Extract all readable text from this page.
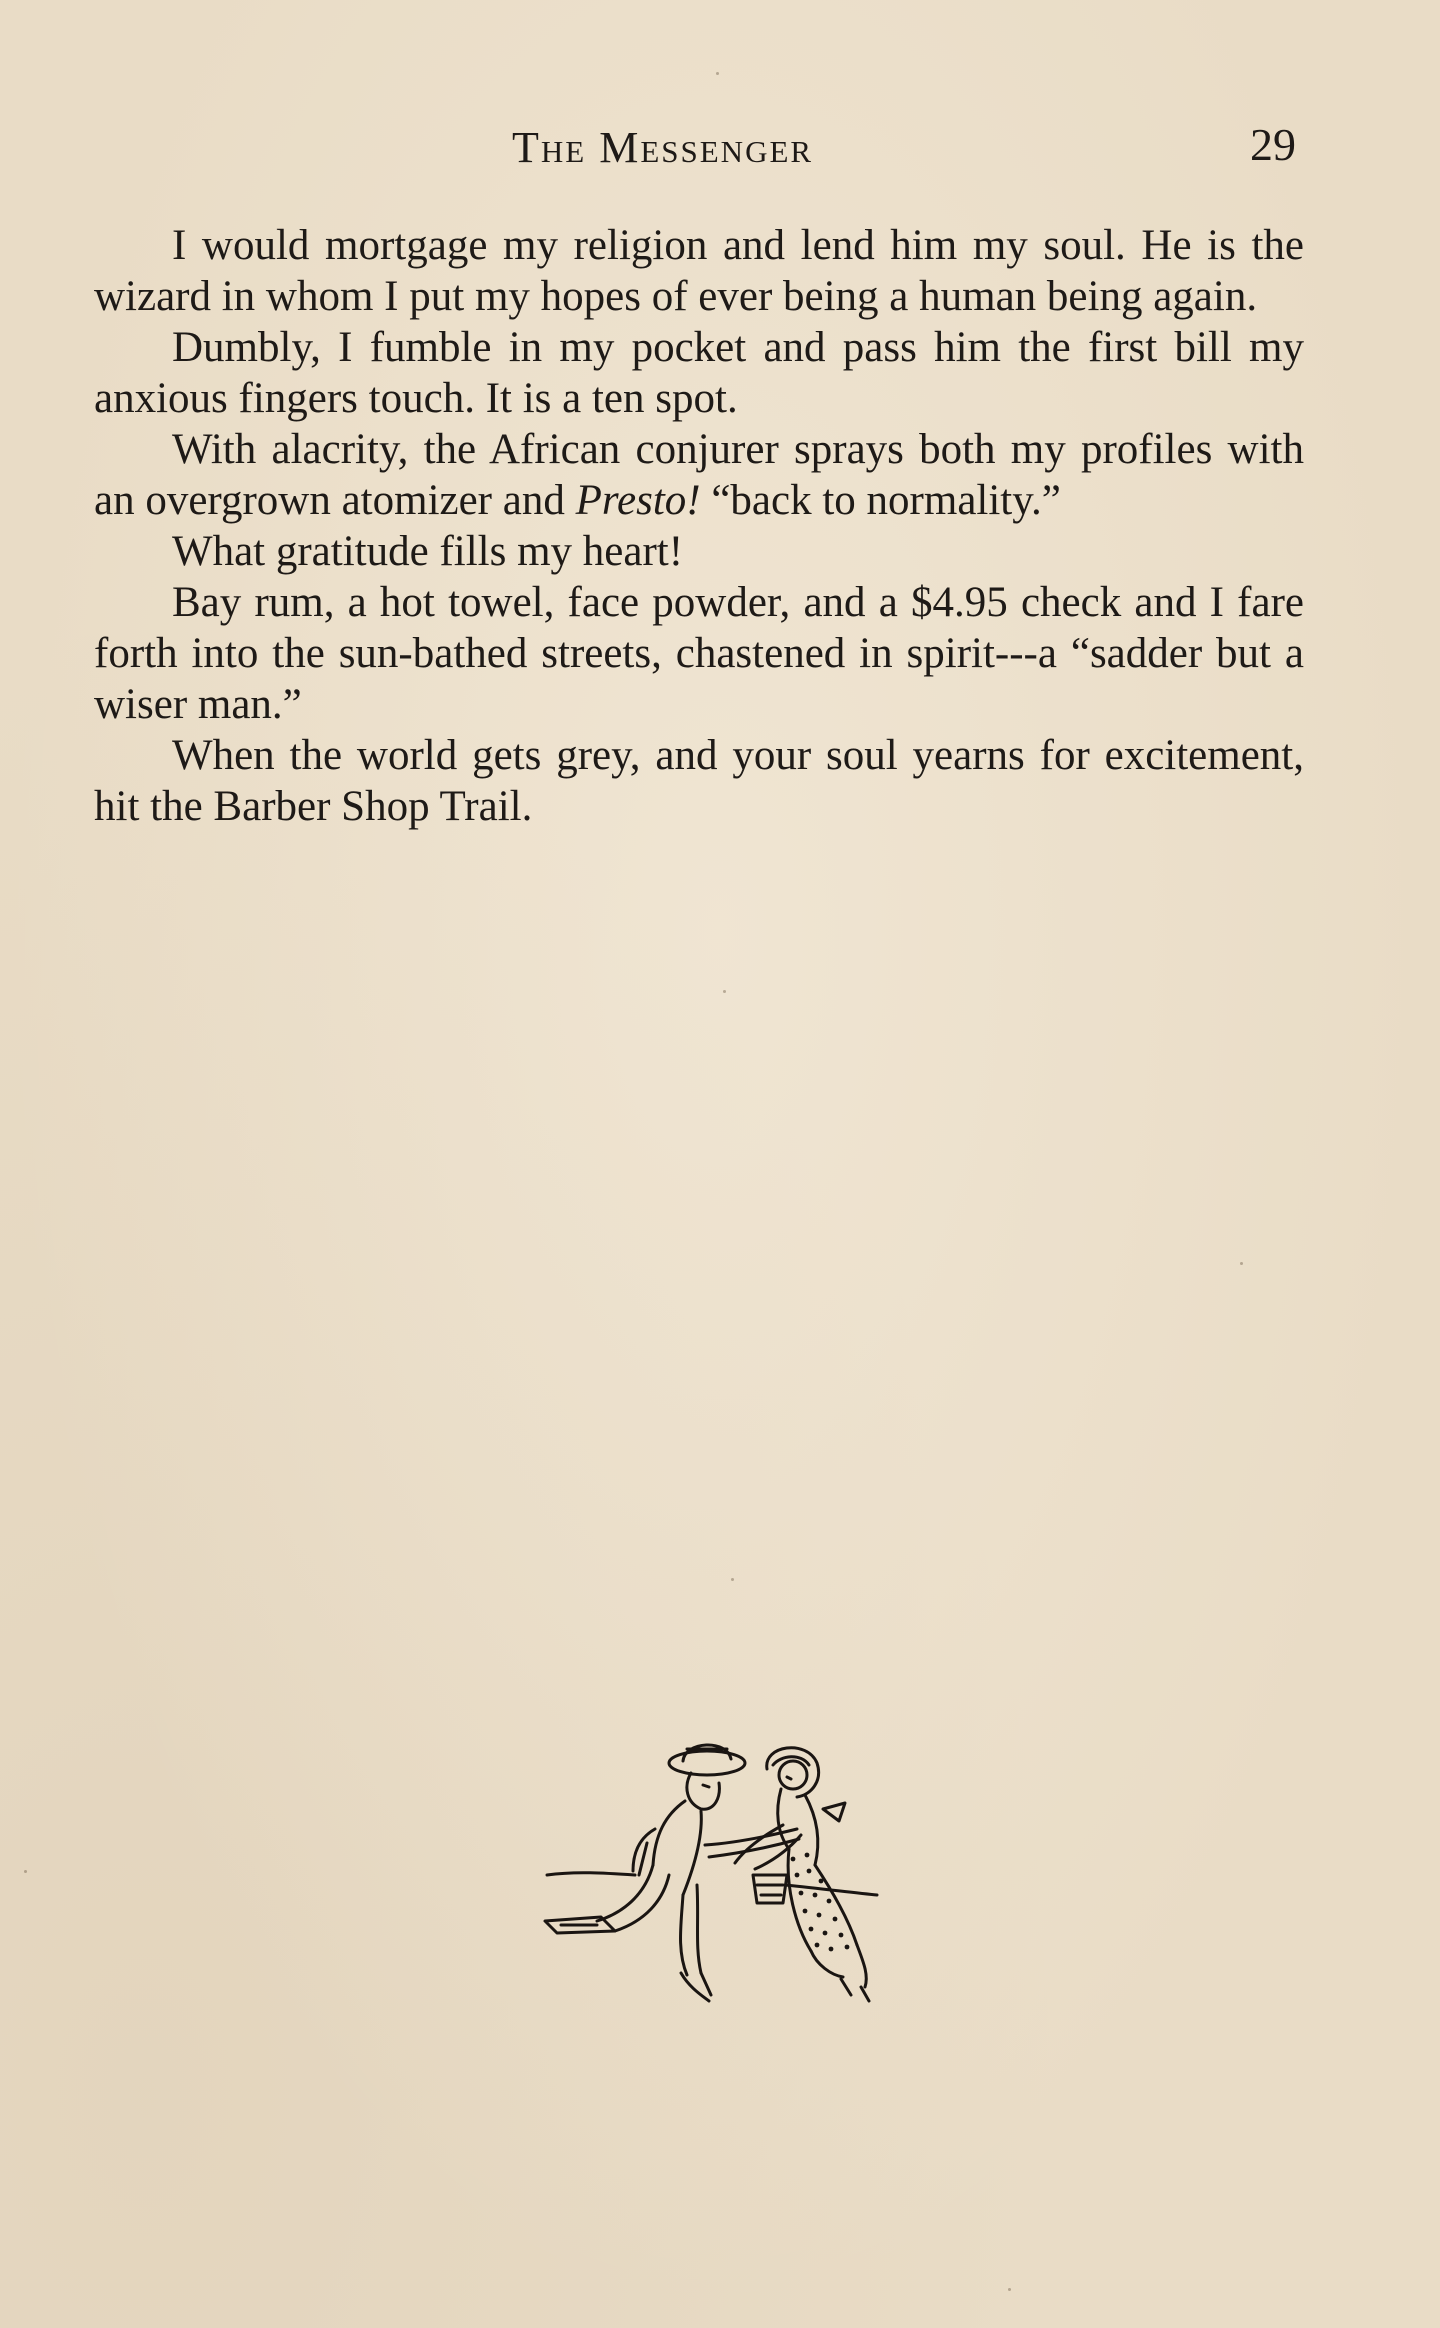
The Messenger	29

I would mortgage my religion and lend him my soul. He is the wizard in whom I put my hopes of ever being a human being again.

Dumbly, I fumble in my pocket and pass him the first bill my anxious fingers touch. It is a ten spot.

With alacrity, the African conjurer sprays both my profiles with an overgrown atomizer and Presto! “back to normality.”

What gratitude fills my heart!

Bay rum, a hot towel, face powder, and a $4.95 check and I fare forth into the sun-bathed streets, chastened in spirit---a “sadder but a wiser man.”

When the world gets grey, and your soul yearns for excitement, hit the Barber Shop Trail.
